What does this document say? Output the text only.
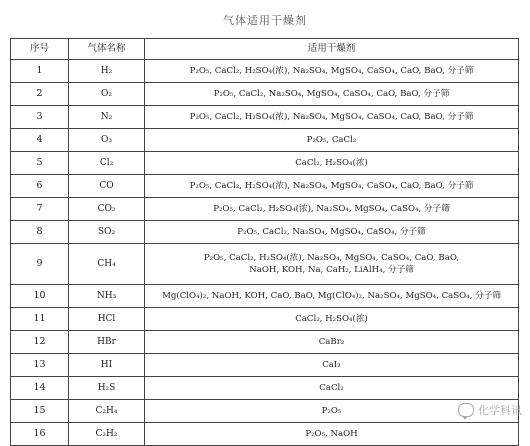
气体适用干燥剂
序号	气体名称	适用干燥剂
1	H₂	P₂O₅, CaCl₂, H₂SO₄(浓), Na₂SO₄, MgSO₄, CaSO₄, CaO, BaO, 分子筛

2	O₂	P₂O₅, CaCl₂, Na₂SO₄, MgSO₄, CaSO₄, CaO, BaO, 分子筛

3	N₂	P₂O₅, CaCl₂, H₂SO₄(浓), Na₂SO₄, MgSO₄, CaSO₄, CaO, BaO, 分子筛

4	O₃	P₂O₅, CaCl₂

5	Cl₂	CaCl₂, H₂SO₄(浓)

6	CO	P₂O₅, CaCl₂, H₂SO₄(浓), Na₂SO₄, MgSO₄, CaSO₄, CaO, BaO, 分子筛

7	CO₂	P₂O₅, CaCl₂, H₂SO₄(浓), Na₂SO₄, MgSO₄, CaSO₄, 分子筛

8	SO₂	P₂O₅, CaCl₂, Na₂SO₄, MgSO₄, CaSO₄, 分子筛

9	CH₄	P₂O₅, CaCl₂, H₂SO₄(浓), Na₂SO₄, MgSO₄, CaSO₄, CaO, BaO,
NaOH, KOH, Na, CaH₂, LiAlH₄, 分子筛

10	NH₃	Mg(ClO₄)₂, NaOH, KOH, CaO, BaO, Mg(ClO₄)₂, Na₂SO₄, MgSO₄, CaSO₄, 分子筛

11	HCl	CaCl₂, H₂SO₄(浓)

12	HBr	CaBr₂

13	HI	CaI₂

14	H₂S	CaCl₂

15	C₂H₄	P₂O₅

16	C₂H₂	P₂O₅, NaOH
化学科讯
